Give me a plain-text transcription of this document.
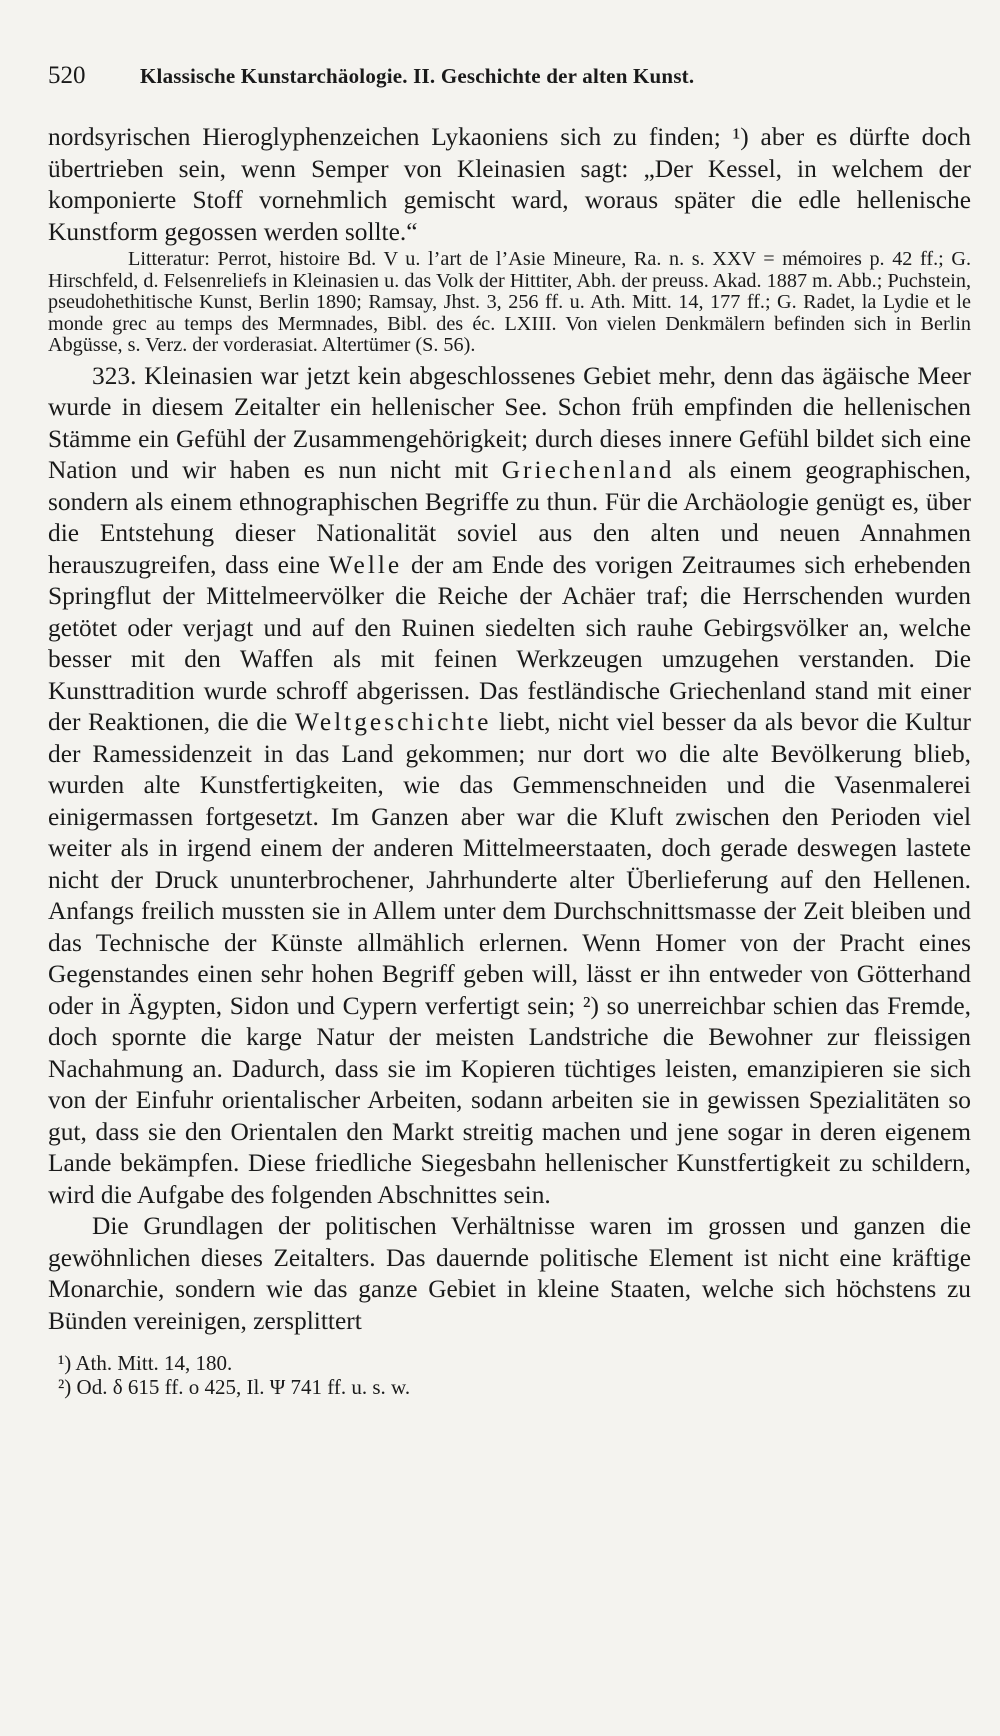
520	Klassische Kunstarchäologie. II. Geschichte der alten Kunst.

nordsyrischen Hieroglyphenzeichen Lykaoniens sich zu finden; ¹) aber es dürfte doch übertrieben sein, wenn Semper von Kleinasien sagt: „Der Kessel, in welchem der komponierte Stoff vornehmlich gemischt ward, woraus später die edle hellenische Kunstform gegossen werden sollte.“

Litteratur: Perrot, histoire Bd. V u. l’art de l’Asie Mineure, Ra. n. s. XXV = mémoires p. 42 ff.; G. Hirschfeld, d. Felsenreliefs in Kleinasien u. das Volk der Hittiter, Abh. der preuss. Akad. 1887 m. Abb.; Puchstein, pseudohethitische Kunst, Berlin 1890; Ramsay, Jhst. 3, 256 ff. u. Ath. Mitt. 14, 177 ff.; G. Radet, la Lydie et le monde grec au temps des Mermnades, Bibl. des éc. LXIII. Von vielen Denkmälern befinden sich in Berlin Abgüsse, s. Verz. der vorderasiat. Altertümer (S. 56).

323. Kleinasien war jetzt kein abgeschlossenes Gebiet mehr, denn das ägäische Meer wurde in diesem Zeitalter ein hellenischer See. Schon früh empfinden die hellenischen Stämme ein Gefühl der Zusammengehörigkeit; durch dieses innere Gefühl bildet sich eine Nation und wir haben es nun nicht mit Griechenland als einem geographischen, sondern als einem ethnographischen Begriffe zu thun. Für die Archäologie genügt es, über die Entstehung dieser Nationalität soviel aus den alten und neuen Annahmen herauszugreifen, dass eine Welle der am Ende des vorigen Zeitraumes sich erhebenden Springflut der Mittelmeervölker die Reiche der Achäer traf; die Herrschenden wurden getötet oder verjagt und auf den Ruinen siedelten sich rauhe Gebirgsvölker an, welche besser mit den Waffen als mit feinen Werkzeugen umzugehen verstanden. Die Kunsttradition wurde schroff abgerissen. Das festländische Griechenland stand mit einer der Reaktionen, die die Weltgeschichte liebt, nicht viel besser da als bevor die Kultur der Ramessidenzeit in das Land gekommen; nur dort wo die alte Bevölkerung blieb, wurden alte Kunstfertigkeiten, wie das Gemmenschneiden und die Vasenmalerei einigermassen fortgesetzt. Im Ganzen aber war die Kluft zwischen den Perioden viel weiter als in irgend einem der anderen Mittelmeerstaaten, doch gerade deswegen lastete nicht der Druck ununterbrochener, Jahrhunderte alter Überlieferung auf den Hellenen. Anfangs freilich mussten sie in Allem unter dem Durchschnittsmasse der Zeit bleiben und das Technische der Künste allmählich erlernen. Wenn Homer von der Pracht eines Gegenstandes einen sehr hohen Begriff geben will, lässt er ihn entweder von Götterhand oder in Ägypten, Sidon und Cypern verfertigt sein; ²) so unerreichbar schien das Fremde, doch spornte die karge Natur der meisten Landstriche die Bewohner zur fleissigen Nachahmung an. Dadurch, dass sie im Kopieren tüchtiges leisten, emanzipieren sie sich von der Einfuhr orientalischer Arbeiten, sodann arbeiten sie in gewissen Spezialitäten so gut, dass sie den Orientalen den Markt streitig machen und jene sogar in deren eigenem Lande bekämpfen. Diese friedliche Siegesbahn hellenischer Kunstfertigkeit zu schildern, wird die Aufgabe des folgenden Abschnittes sein.

Die Grundlagen der politischen Verhältnisse waren im grossen und ganzen die gewöhnlichen dieses Zeitalters. Das dauernde politische Element ist nicht eine kräftige Monarchie, sondern wie das ganze Gebiet in kleine Staaten, welche sich höchstens zu Bünden vereinigen, zersplittert

¹) Ath. Mitt. 14, 180.
²) Od. δ 615 ff. ο 425, Il. Ψ 741 ff. u. s. w.
